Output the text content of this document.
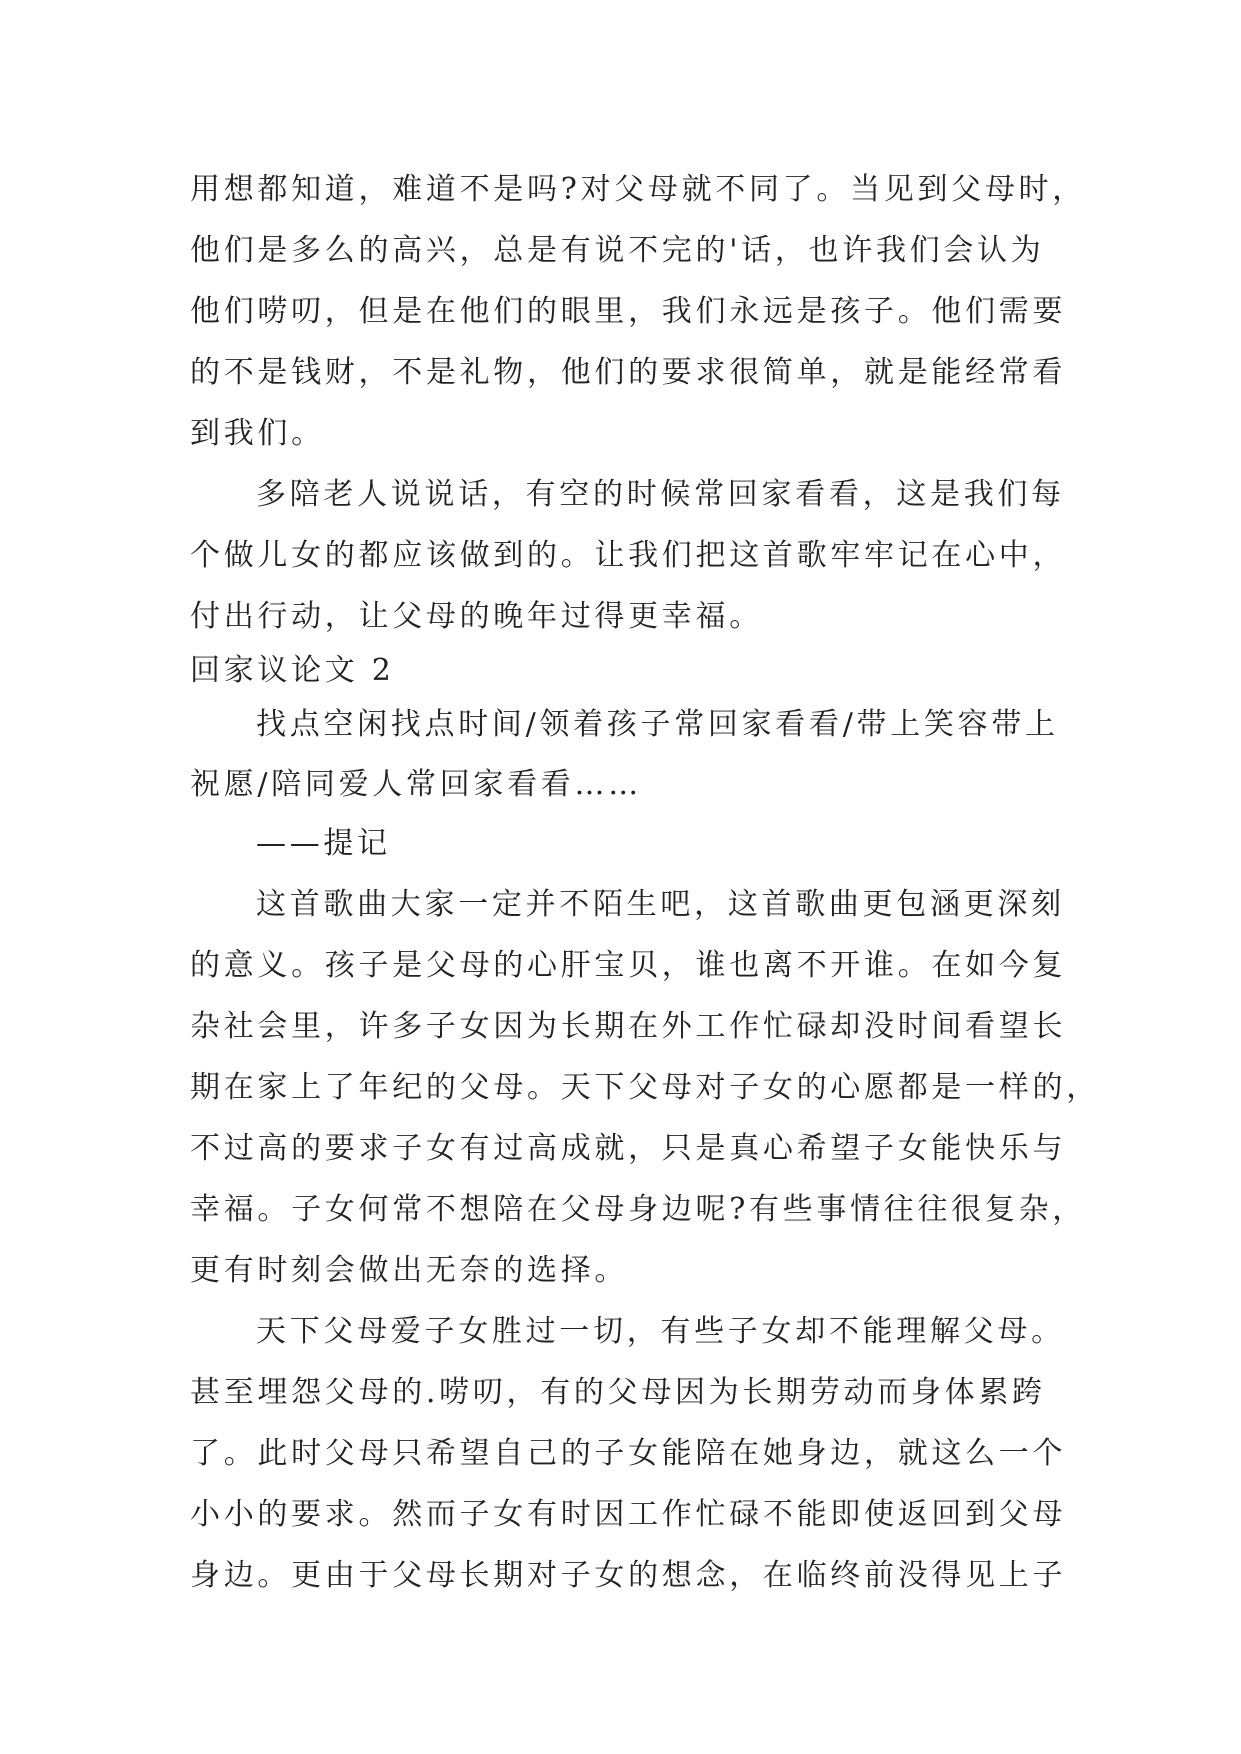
用想都知道，难道不是吗?对父母就不同了。当见到父母时，
他们是多么的高兴，总是有说不完的'话，也许我们会认为
他们唠叨，但是在他们的眼里，我们永远是孩子。他们需要
的不是钱财，不是礼物，他们的要求很简单，就是能经常看
到我们。
多陪老人说说话，有空的时候常回家看看，这是我们每
个做儿女的都应该做到的。让我们把这首歌牢牢记在心中，
付出行动，让父母的晚年过得更幸福。
回家议论文 2
找点空闲找点时间/领着孩子常回家看看/带上笑容带上
祝愿/陪同爱人常回家看看……
——提记
这首歌曲大家一定并不陌生吧，这首歌曲更包涵更深刻
的意义。孩子是父母的心肝宝贝，谁也离不开谁。在如今复
杂社会里，许多子女因为长期在外工作忙碌却没时间看望长
期在家上了年纪的父母。天下父母对子女的心愿都是一样的，
不过高的要求子女有过高成就，只是真心希望子女能快乐与
幸福。子女何常不想陪在父母身边呢?有些事情往往很复杂，
更有时刻会做出无奈的选择。
天下父母爱子女胜过一切，有些子女却不能理解父母。
甚至埋怨父母的.唠叨，有的父母因为长期劳动而身体累跨
了。此时父母只希望自己的子女能陪在她身边，就这么一个
小小的要求。然而子女有时因工作忙碌不能即使返回到父母
身边。更由于父母长期对子女的想念，在临终前没得见上子
